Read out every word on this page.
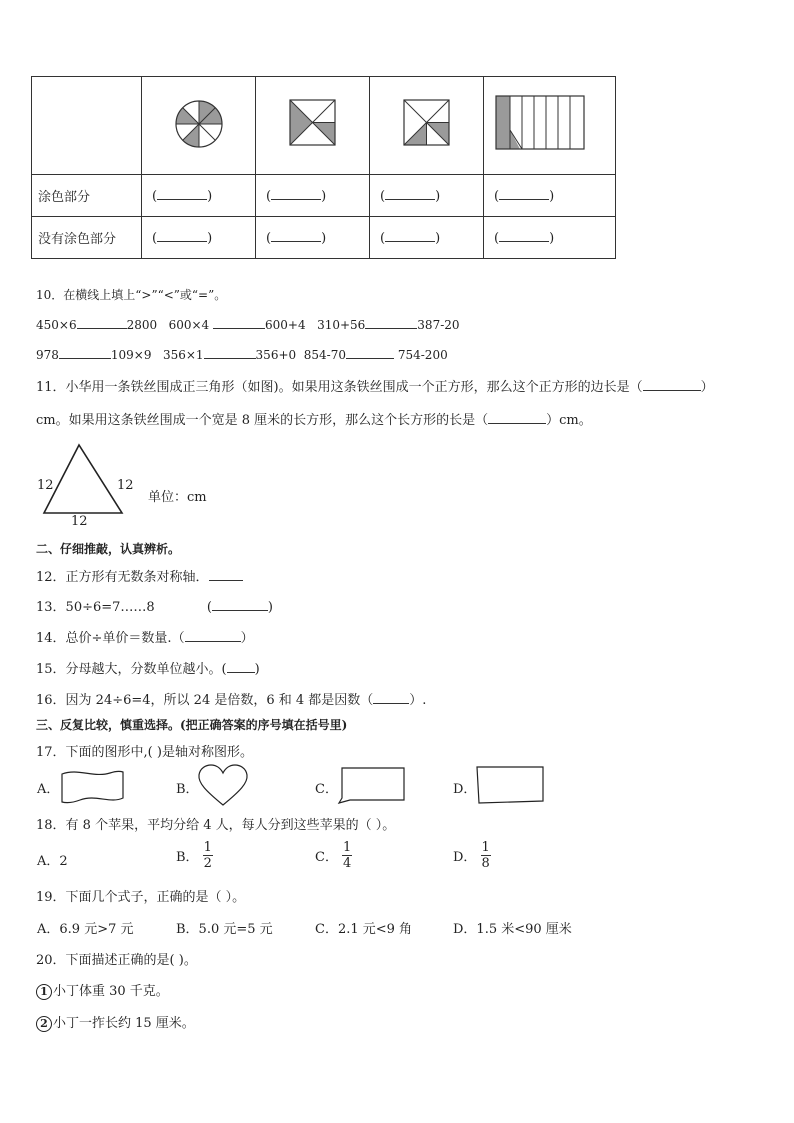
涂色部分	( )	( )	( )	( )
没有涂色部分	( )	( )	( )	( )
10．在横线上填上“>”“<”或“=”。
450×6	2800 600×4	600+4 310+56	387-20
978	109×9 356×1	356+0 854-70	754-200
11．小华用一条铁丝围成正三角形（如图)。如果用这条铁丝围成一个正方形，那么这个正方形的边长是（	）
cm。如果用这条铁丝围成一个宽是 8 厘米的长方形，那么这个长方形的长是（	）cm。
12	12
12
单位：cm
二、仔细推敲，认真辨析。
12．正方形有无数条对称轴．
13．50÷6=7……8	(	)
14．总价÷单价＝数量.（	）
15．分母越大，分数单位越小。( )
16．因为 24÷6=4，所以 24 是倍数，6 和 4 都是因数（	）.
三、反复比较，慎重选择。(把正确答案的序号填在括号里)
17．下面的图形中,( )是轴对称图形。
A．	B．	C．	D．
18．有 8 个苹果，平均分给 4 人，每人分到这些苹果的（ ）。
A．2	B． $\frac{1}{2}$	C． $\frac{1}{4}$	D． $\frac{1}{8}$
19．下面几个式子，正确的是（ ）。
A．6.9 元>7 元	B．5.0 元=5 元	C．2.1 元<9 角	D．1.5 米<90 厘米
20．下面描述正确的是( )。
1 小丁体重 30 千克。
2 小丁一拃长约 15 厘米。
